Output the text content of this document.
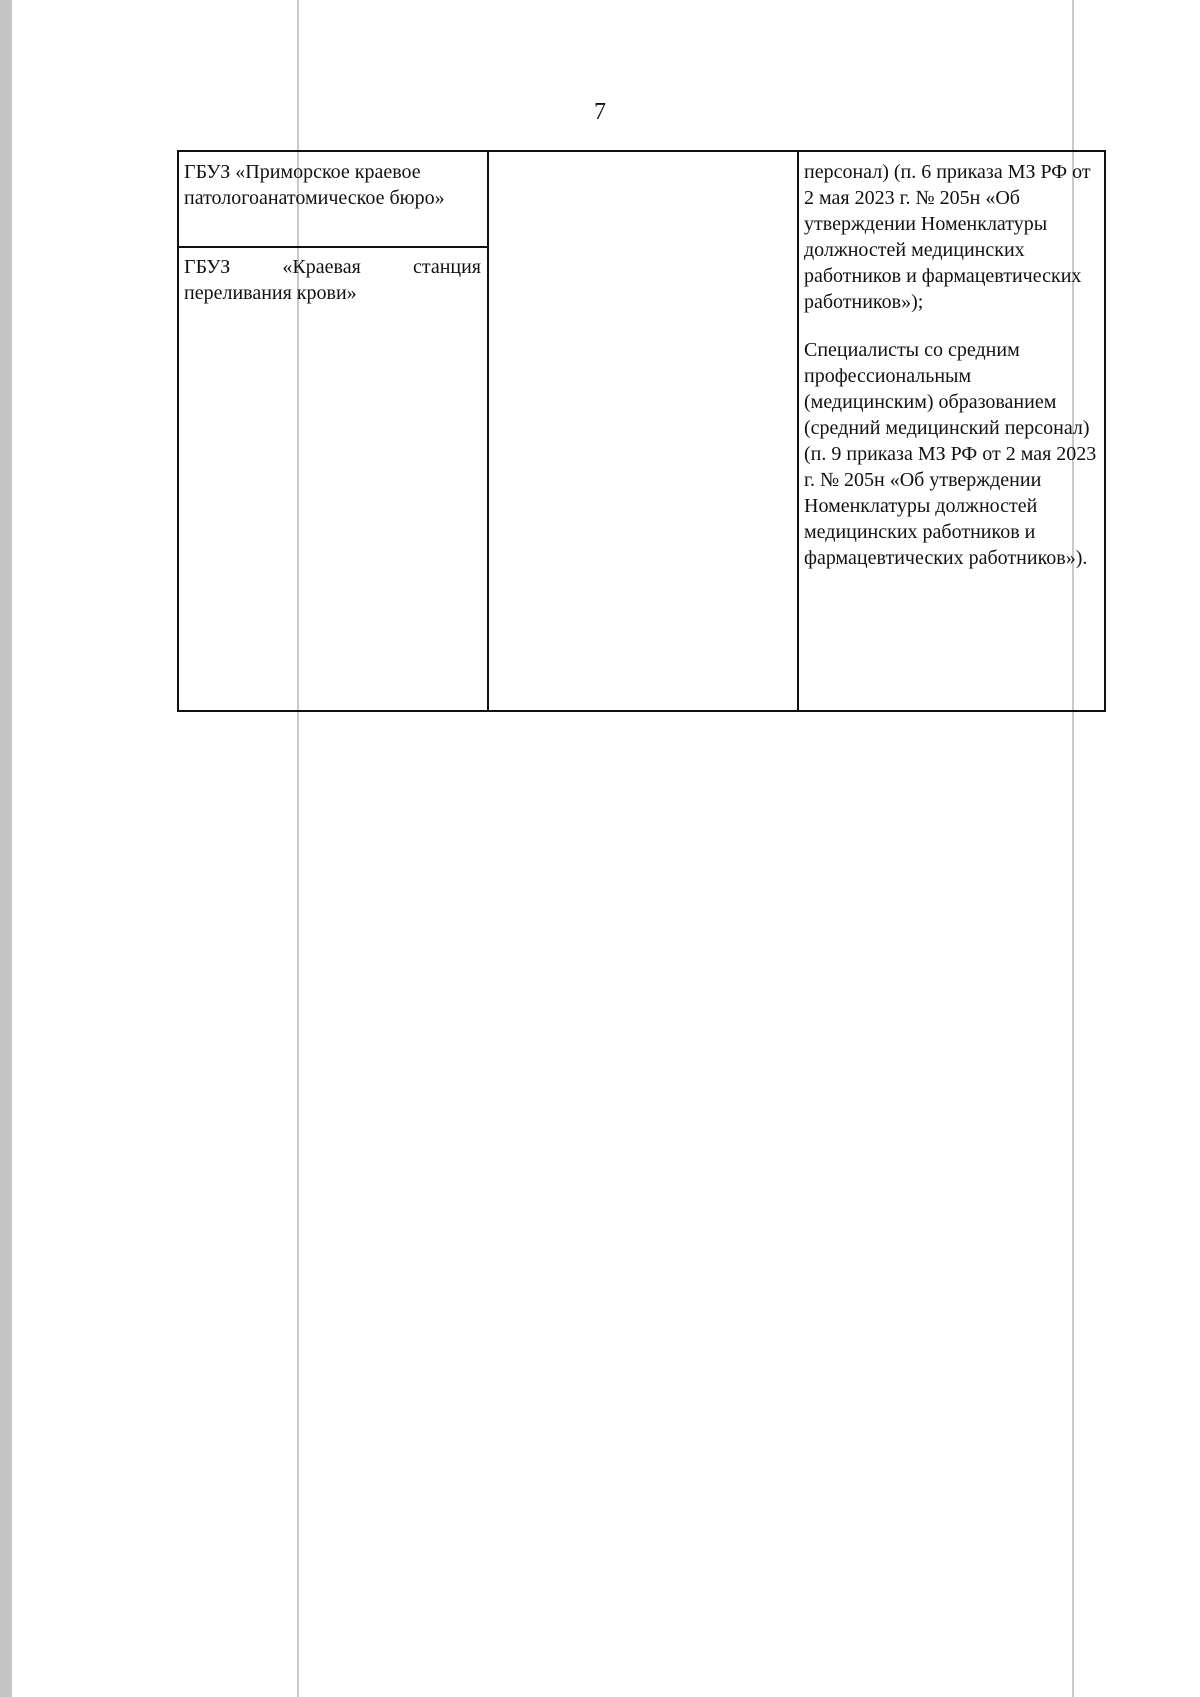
7
ГБУЗ «Приморское краевое патологоанатомическое бюро»
ГБУЗ «Краевая станция переливания крови»

персонал) (п. 6 приказа МЗ РФ от 2 мая 2023 г. № 205н «Об утверждении Номенклатуры должностей медицинских работников и фармацевтических работников»);

Специалисты со средним профессиональным (медицинским) образованием (средний медицинский персонал) (п. 9 приказа МЗ РФ от 2 мая 2023 г. № 205н «Об утверждении Номенклатуры должностей медицинских работников и фармацевтических работников»).
